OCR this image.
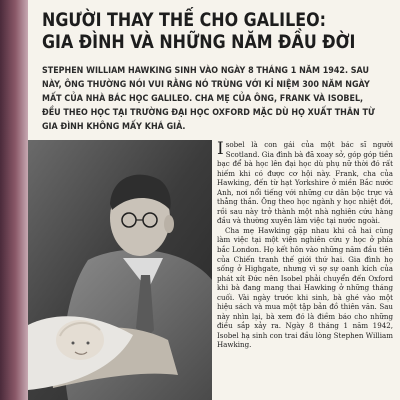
NGƯỜI THAY THẾ CHO GALILEO:
GIA ĐÌNH VÀ NHỮNG NĂM ĐẦU ĐỜI

STEPHEN WILLIAM HAWKING SINH VÀO NGÀY 8 THÁNG 1 NĂM 1942. SAU NÀY, ÔNG THƯỜNG NÓI VUI RẰNG NÓ TRÙNG VỚI KỈ NIỆM 300 NĂM NGÀY MẤT CỦA NHÀ BÁC HỌC GALILEO. CHA MẸ CỦA ÔNG, FRANK VÀ ISOBEL, ĐỀU THEO HỌC TẠI TRƯỜNG ĐẠI HỌC OXFORD MẶC DÙ HỌ XUẤT THÂN TỪ GIA ĐÌNH KHÔNG MẤY KHÁ GIẢ.

Isobel là con gái của một bác sĩ người Scotland. Gia đình bà đã xoay sở, góp góp tiền bạc để bà học lên đại học dù phụ nữ thời đó rất hiếm khi có được cơ hội này. Frank, cha của Hawking, đến từ hạt Yorkshire ở miền Bắc nước Anh, nơi nổi tiếng với những cư dân bộc trực và thẳng thắn. Ông theo học ngành y học nhiệt đới, rồi sau này trở thành một nhà nghiên cứu hàng đầu và thường xuyên làm việc tại nước ngoài.

Cha mẹ Hawking gặp nhau khi cả hai cùng làm việc tại một viện nghiên cứu y học ở phía bắc London. Họ kết hôn vào những năm đầu tiên của Chiến tranh thế giới thứ hai. Gia đình họ sống ở Highgate, nhưng vì sợ sự oanh kích của phát xít Đức nên Isobel phải chuyển đến Oxford khi bà đang mang thai Hawking ở những tháng cuối. Vài ngày trước khi sinh, bà ghé vào một hiệu sách và mua một tập bản đồ thiên văn. Sau này nhìn lại, bà xem đó là điềm báo cho những điều sắp xảy ra. Ngày 8 tháng 1 năm 1942, Isobel hạ sinh con trai đầu lòng Stephen William Hawking.
